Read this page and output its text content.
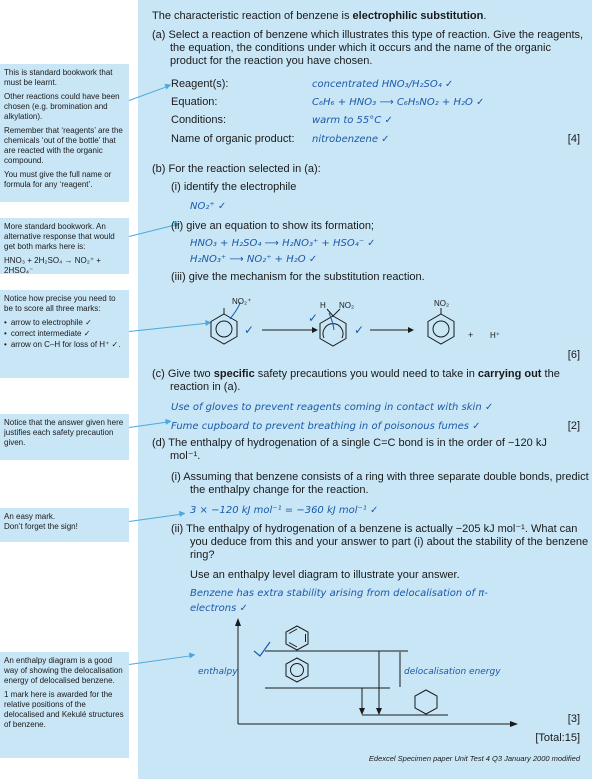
This is standard bookwork that must be learnt.

Other reactions could have been chosen (e.g. bromination and alkylation).

Remember that ‘reagents’ are the chemicals ‘out of the bottle’ that are reacted with the organic compound.

You must give the full name or formula for any ‘reagent’.

More standard bookwork. An alternative response that would get both marks here is:

HNO₃ + 2H₂SO₄ → NO₂⁺ + 2HSO₄⁻

Notice how precise you need to be to score all three marks:

• arrow to electrophile ✓
• correct intermediate ✓
• arrow on C–H for loss of H⁺ ✓.

Notice that the answer given here justifies each safety precaution given.

An easy mark.

Don’t forget the sign!

An enthalpy diagram is a good way of showing the delocalisation energy of delocalised benzene.

1 mark here is awarded for the relative positions of the delocalised and Kekulé structures of benzene.

The characteristic reaction of benzene is electrophilic substitution.
(a) Select a reaction of benzene which illustrates this type of reaction. Give the reagents, the equation, the conditions under which it occurs and the name of the organic product for the reaction you have chosen.
Reagent(s):	concentrated HNO₃/H₂SO₄ ✓
Equation:	C₆H₆ + HNO₃ ⟶ C₆H₅NO₂ + H₂O ✓
Conditions:	warm to 55°C ✓
Name of organic product: nitrobenzene ✓	[4]
(b) For the reaction selected in (a):
(i) identify the electrophile
NO₂⁺ ✓
(ii) give an equation to show its formation;
HNO₃ + H₂SO₄ ⟶ H₂NO₃⁺ + HSO₄⁻ ✓
H₂NO₃⁺ ⟶ NO₂⁺ + H₂O ✓
(iii) give the mechanism for the substitution reaction.
NO₂⁺	H NO₂	NO₂
+ H⁺
✓
✓
✓
[6]
(c) Give two specific safety precautions you would need to take in carrying out the reaction in (a).
Use of gloves to prevent reagents coming in contact with skin ✓
Fume cupboard to prevent breathing in of poisonous fumes ✓	[2]
(d) The enthalpy of hydrogenation of a single C=C bond is in the order of −120 kJ mol⁻¹.
(i) Assuming that benzene consists of a ring with three separate double bonds, predict the enthalpy change for the reaction.
3 × −120 kJ mol⁻¹ = −360 kJ mol⁻¹ ✓
(ii) The enthalpy of hydrogenation of a benzene is actually −205 kJ mol⁻¹. What can you deduce from this and your answer to part (i) about the stability of the benzene ring?
Use an enthalpy level diagram to illustrate your answer.
Benzene has extra stability arising from delocalisation of π-electrons ✓
enthalpy	delocalisation energy
[3]
[Total:15]
Edexcel Specimen paper Unit Test 4 Q3 January 2000 modified
